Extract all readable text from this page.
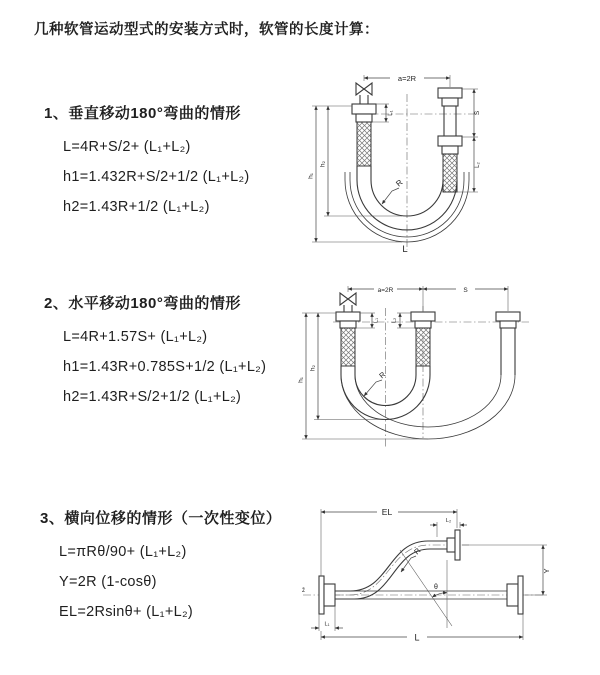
几种软管运动型式的安装方式时，软管的长度计算：
1、垂直移动180°弯曲的情形
L=4R+S/2+ (L₁+L₂)
h1=1.432R+S/2+1/2 (L₁+L₂)
h2=1.43R+1/2 (L₁+L₂)
a=2R
h₂
h₁
L₁	S
L₂
R
L
2、水平移动180°弯曲的情形
L=4R+1.57S+ (L₁+L₂)
h1=1.43R+0.785S+1/2 (L₁+L₂)
h2=1.43R+S/2+1/2 (L₁+L₂)
a=2R	S
h₂
h₁
L₁ L₂
R
3、横向位移的情形（一次性变位）
L=πRθ/90+ (L₁+L₂)
Y=2R (1-cosθ)
EL=2Rsinθ+ (L₁+L₂)
z̄
EL
L₂
Y
θ
R
L₁
L
